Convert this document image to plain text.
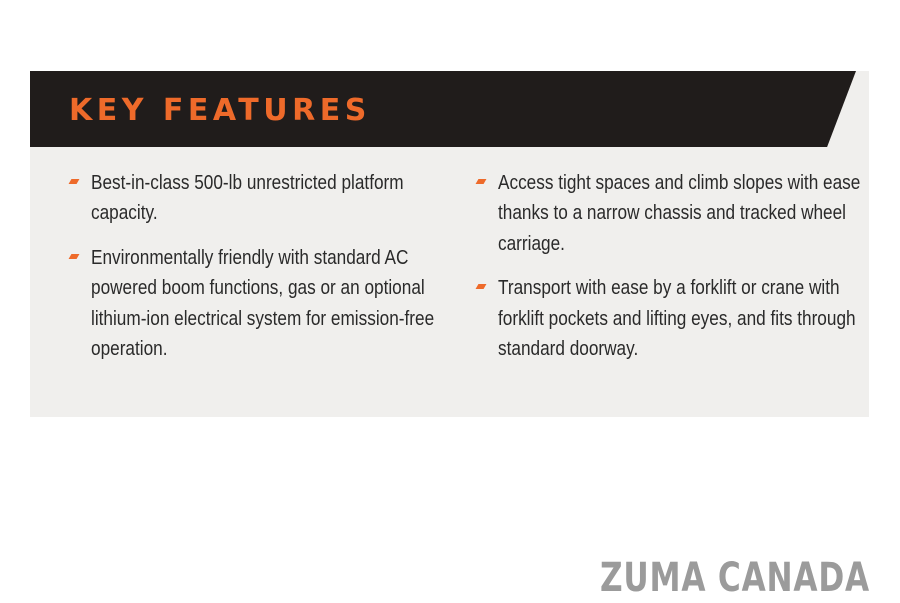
KEY FEATURES
Best-in-class 500-lb unrestricted platform capacity.
Environmentally friendly with standard AC powered boom functions, gas or an optional lithium-ion electrical system for emission-free operation.
Access tight spaces and climb slopes with ease thanks to a narrow chassis and tracked wheel carriage.
Transport with ease by a forklift or crane with forklift pockets and lifting eyes, and fits through standard doorway.
ZUMA CANADA
